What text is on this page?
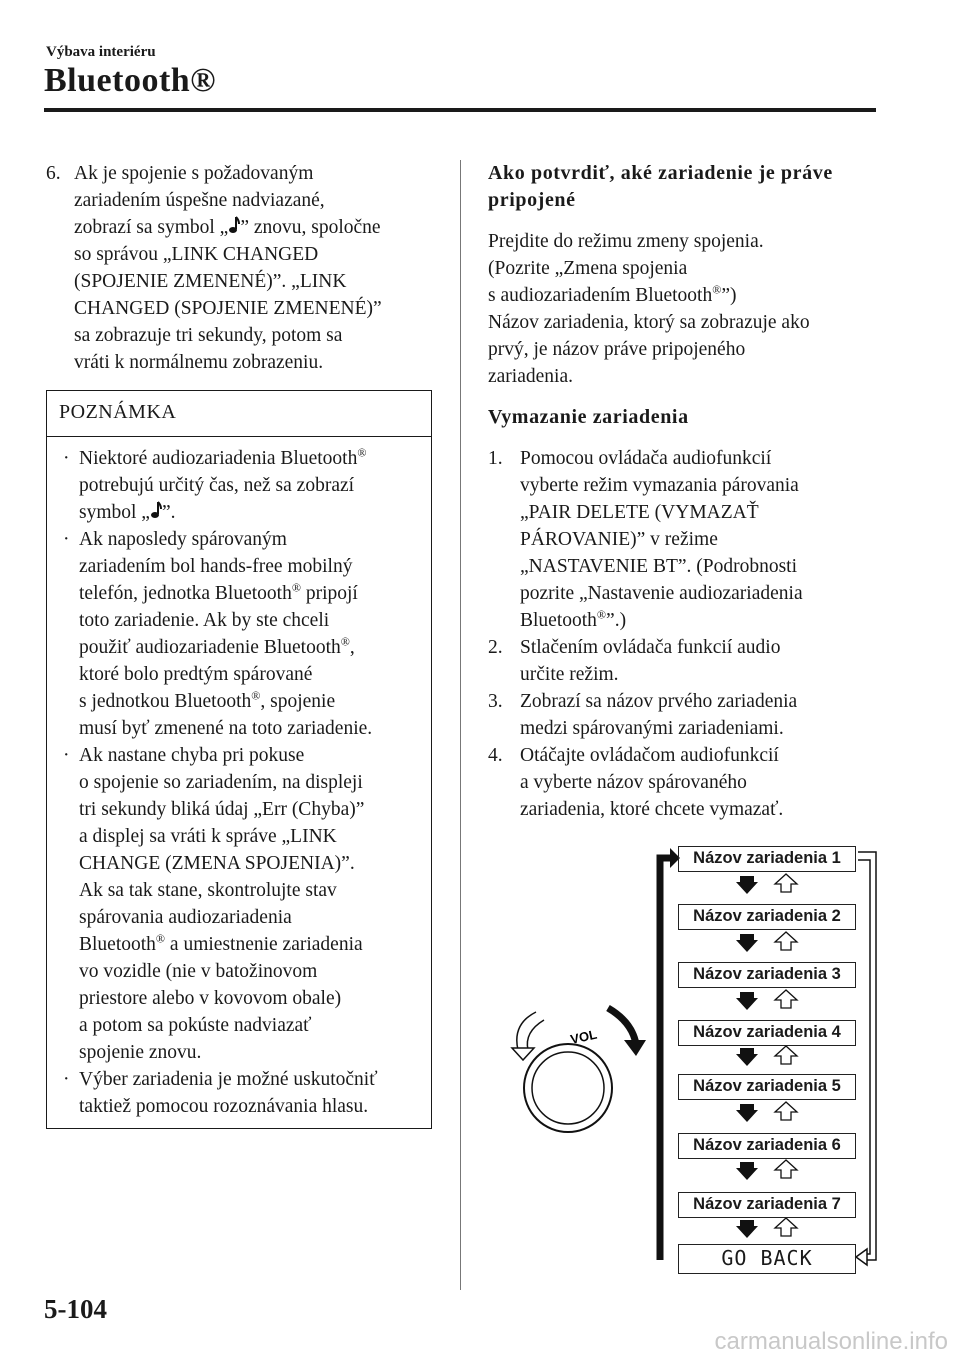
Výbava interiéru
Bluetooth®
6. Ak je spojenie s požadovaným
zariadením úspešne nadviazané,
zobrazí sa symbol „ ” znovu, spoločne
so správou „LINK CHANGED
(SPOJENIE ZMENENÉ)”. „LINK
CHANGED (SPOJENIE ZMENENÉ)”
sa zobrazuje tri sekundy, potom sa
vráti k normálnemu zobrazeniu.
POZNÁMKA
· Niektoré audiozariadenia Bluetooth®
potrebujú určitý čas, než sa zobrazí
symbol „ ”.
· Ak naposledy spárovaným
zariadením bol hands-free mobilný
telefón, jednotka Bluetooth® pripojí
toto zariadenie. Ak by ste chceli
použiť audiozariadenie Bluetooth®,
ktoré bolo predtým spárované
s jednotkou Bluetooth®, spojenie
musí byť zmenené na toto zariadenie.
· Ak nastane chyba pri pokuse
o spojenie so zariadením, na displeji
tri sekundy bliká údaj „Err (Chyba)”
a displej sa vráti k správe „LINK
CHANGE (ZMENA SPOJENIA)”.
Ak sa tak stane, skontrolujte stav
spárovania audiozariadenia
Bluetooth® a umiestnenie zariadenia
vo vozidle (nie v batožinovom
priestore alebo v kovovom obale)
a potom sa pokúste nadviazať
spojenie znovu.
· Výber zariadenia je možné uskutočniť
taktiež pomocou rozoznávania hlasu.
Ako potvrdiť, aké zariadenie je práve
pripojené
Prejdite do režimu zmeny spojenia.
(Pozrite „Zmena spojenia
s audiozariadením Bluetooth®”)
Názov zariadenia, ktorý sa zobrazuje ako
prvý, je názov práve pripojeného
zariadenia.
Vymazanie zariadenia
1. Pomocou ovládača audiofunkcií
vyberte režim vymazania párovania
„PAIR DELETE (VYMAZAŤ
PÁROVANIE)” v režime
„NASTAVENIE BT”. (Podrobnosti
pozrite „Nastavenie audiozariadenia
Bluetooth®”.)
2. Stlačením ovládača funkcií audio
určite režim.
3. Zobrazí sa názov prvého zariadenia
medzi spárovanými zariadeniami.
4. Otáčajte ovládačom audiofunkcií
a vyberte názov spárovaného
zariadenia, ktoré chcete vymazať.
VOL
Názov zariadenia 1
Názov zariadenia 2
Názov zariadenia 3
Názov zariadenia 4
Názov zariadenia 5
Názov zariadenia 6
Názov zariadenia 7
GO BACK
5-104
carmanualsonline.info
